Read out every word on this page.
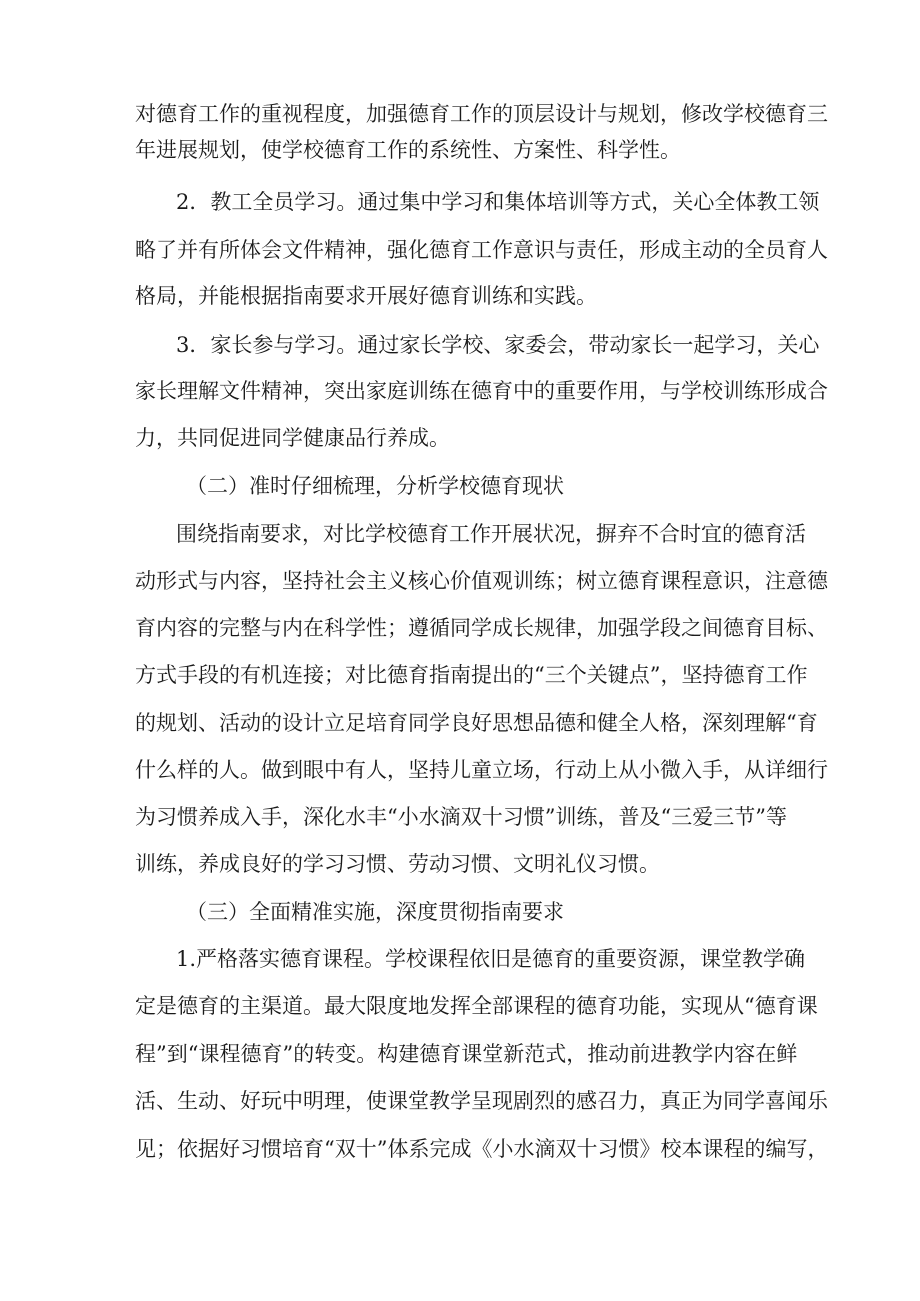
对德育工作的重视程度，加强德育工作的顶层设计与规划，修改学校德育三

年进展规划，使学校德育工作的系统性、方案性、科学性。

2．教工全员学习。通过集中学习和集体培训等方式，关心全体教工领

略了并有所体会文件精神，强化德育工作意识与责任，形成主动的全员育人

格局，并能根据指南要求开展好德育训练和实践。

3．家长参与学习。通过家长学校、家委会，带动家长一起学习，关心

家长理解文件精神，突出家庭训练在德育中的重要作用，与学校训练形成合

力，共同促进同学健康品行养成。

（二）准时仔细梳理，分析学校德育现状

围绕指南要求，对比学校德育工作开展状况，摒弃不合时宜的德育活

动形式与内容，坚持社会主义核心价值观训练；树立德育课程意识，注意德

育内容的完整与内在科学性；遵循同学成长规律，加强学段之间德育目标、

方式手段的有机连接；对比德育指南提出的“三个关键点”，坚持德育工作

的规划、活动的设计立足培育同学良好思想品德和健全人格，深刻理解“育

什么样的人。做到眼中有人，坚持儿童立场，行动上从小微入手，从详细行

为习惯养成入手，深化水丰“小水滴双十习惯”训练，普及“三爱三节”等

训练，养成良好的学习习惯、劳动习惯、文明礼仪习惯。

（三）全面精准实施，深度贯彻指南要求

1.严格落实德育课程。学校课程依旧是德育的重要资源，课堂教学确

定是德育的主渠道。最大限度地发挥全部课程的德育功能，实现从“德育课

程”到“课程德育”的转变。构建德育课堂新范式，推动前进教学内容在鲜

活、生动、好玩中明理，使课堂教学呈现剧烈的感召力，真正为同学喜闻乐

见；依据好习惯培育“双十”体系完成《小水滴双十习惯》校本课程的编写，
